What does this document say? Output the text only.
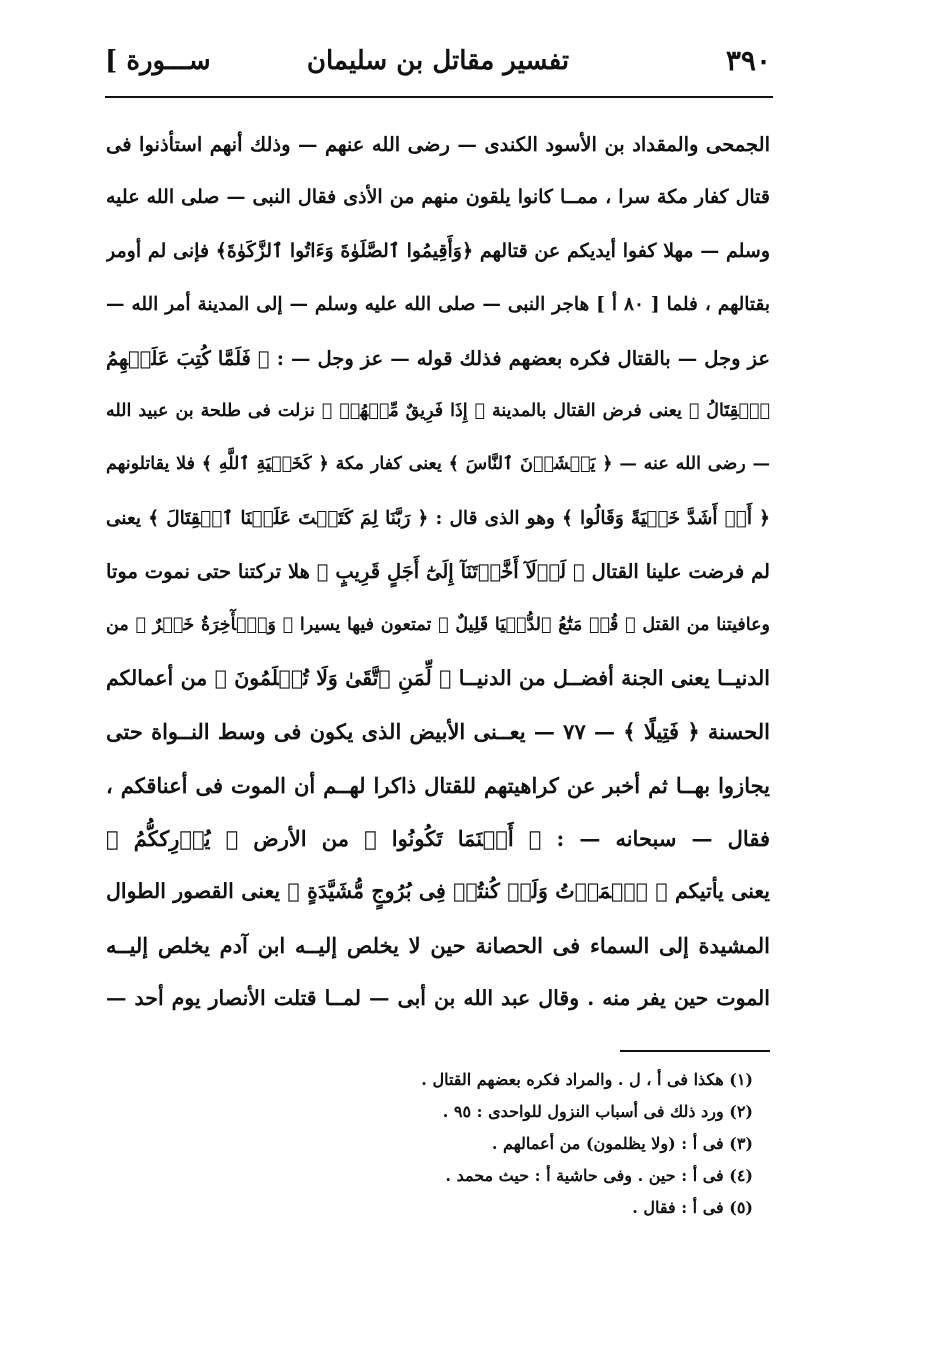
[ ســـورة	تفسير مقاتل بن سليمان	٣٩٠
الجمحى والمقداد بن الأسود الكندى — رضى الله عنهم — وذلك أنهم استأذنوا فى
قتال كفار مكة سرا ، ممــا كانوا يلقون منهم من الأذى فقال النبى — صلى الله عليه
وسلم — مهلا كفوا أيديكم عن قتالهم ﴿وَأَقِيمُوا ٱلصَّلَوٰةَ وَءَاتُوا ٱلزَّكَوٰةَ﴾ فإنى لم أومر
بقتالهم ، فلما [ ٨٠ أ ] هاجر النبى — صلى الله عليه وسلم — إلى المدينة أمر الله —
عز وجل — بالقتال فكره بعضهم فذلك قوله — عز وجل — : ﴿ فَلَمَّا كُتِبَ عَلَيۡهِمُ
ٱلۡقِتَالُ ﴾ يعنى فرض القتال بالمدينة ﴿ إِذَا فَرِيقٌ مِّنۡهُمۡ ﴾ نزلت فى طلحة بن عبيد الله
— رضى الله عنه — ﴿ يَخۡشَوۡنَ ٱلنَّاسَ ﴾ يعنى كفار مكة ﴿ كَخَشۡيَةِ ٱللَّهِ ﴾ فلا يقاتلونهم
﴿ أَوۡ أَشَدَّ خَشۡيَةً وَقَالُوا ﴾ وهو الذى قال : ﴿ رَبَّنَا لِمَ كَتَبۡتَ عَلَيۡنَا ٱلۡقِتَالَ ﴾ يعنى
لم فرضت علينا القتال ﴿ لَوۡلَآ أَخَّرۡتَنَآ إِلَىٰٓ أَجَلٍ قَرِيبٍ ﴾ هلا تركتنا حتى نموت موتا
وعافيتنا من القتل ﴿ قُلۡ مَتَٰعُ ٱلدُّنۡيَا قَلِيلٌ ﴾ تمتعون فيها يسيرا ﴿ وَٱلۡأٓخِرَةُ خَيۡرٌ ﴾ من
الدنيــا يعنى الجنة أفضــل من الدنيــا ﴿ لِّمَنِ ٱتَّقَىٰ وَلَا تُظۡلَمُونَ ﴾ من أعمالكم
الحسنة ﴿ فَتِيلًا ﴾ — ٧٧ — يعــنى الأبيض الذى يكون فى وسط النــواة حتى
يجازوا بهــا ثم أخبر عن كراهيتهم للقتال ذاكرا لهــم أن الموت فى أعناقكم ،
فقال — سبحانه — : ﴿ أَيۡنَمَا تَكُونُوا ﴾ من الأرض ﴿ يُدۡرِككُّمُ ﴾
يعنى يأتيكم ﴿ ٱلۡمَوۡتُ وَلَوۡ كُنتُمۡ فِى بُرُوجٍ مُّشَيَّدَةٍ ﴾ يعنى القصور الطوال
المشيدة إلى السماء فى الحصانة حين لا يخلص إليــه ابن آدم يخلص إليــه
الموت حين يفر منه . وقال عبد الله بن أبى — لمــا قتلت الأنصار يوم أحد —
(١) هكذا فى أ ، ل . والمراد فكره بعضهم القتال .
(٢) ورد ذلك فى أسباب النزول للواحدى : ٩٥ .
(٣) فى أ : (ولا يظلمون) من أعمالهم .
(٤) فى أ : حين . وفى حاشية أ : حيث محمد .
(٥) فى أ : فقال .
